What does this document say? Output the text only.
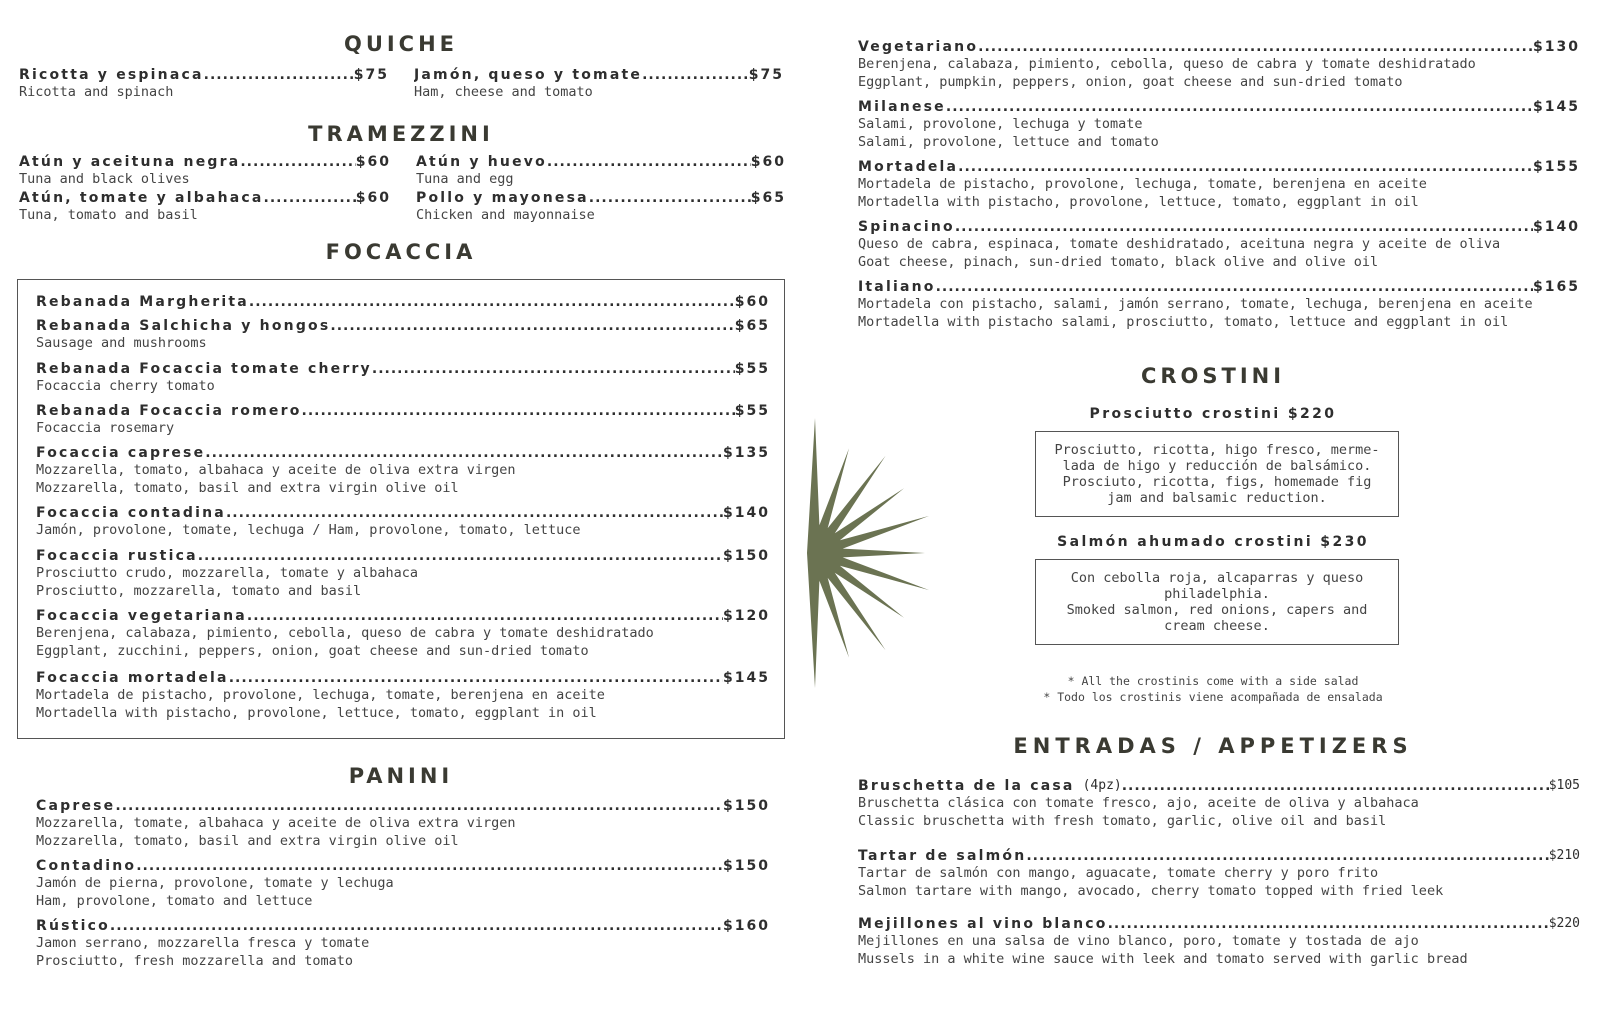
QUICHE
Ricotta y espinaca .....	$75
Ricotta and spinach
Jamón, queso y tomate .....	$75
Ham, cheese and tomato
TRAMEZZINI
Atún y aceituna negra .....	$60
Tuna and black olives
Atún y huevo .....	$60
Tuna and egg
Atún, tomate y albahaca .....	$60
Tuna, tomato and basil
Pollo y mayonesa .....	$65
Chicken and mayonnaise
FOCACCIA
PANINI
CROSTINI
Prosciutto crostini $220
Prosciutto, ricotta, higo fresco, merme-
lada de higo y reducción de balsámico.
Prosciuto, ricotta, figs, homemade fig
jam and balsamic reduction.
Salmón ahumado crostini $230
Con cebolla roja, alcaparras y queso
philadelphia.
Smoked salmon, red onions, capers and
cream cheese.
* All the crostinis come with a side salad
* Todo los crostinis viene acompañada de ensalada
ENTRADAS / APPETIZERS
Rebanada Margherita .....	$60
Rebanada Salchicha y hongos .....	$65
Sausage and mushrooms
Rebanada Focaccia tomate cherry .....	$55
Focaccia cherry tomato
Rebanada Focaccia romero .....	$55
Focaccia rosemary
Focaccia caprese .....	$135
Mozzarella, tomato, albahaca y aceite de oliva extra virgen
Mozzarella, tomato, basil and extra virgin olive oil
Focaccia contadina .....	$140
Jamón, provolone, tomate, lechuga / Ham, provolone, tomato, lettuce
Focaccia rustica .....	$150
Prosciutto crudo, mozzarella, tomate y albahaca
Prosciutto, mozzarella, tomato and basil
Focaccia vegetariana .....	$120
Berenjena, calabaza, pimiento, cebolla, queso de cabra y tomate deshidratado
Eggplant, zucchini, peppers, onion, goat cheese and sun-dried tomato
Focaccia mortadela .....	$145
Mortadela de pistacho, provolone, lechuga, tomate, berenjena en aceite
Mortadella with pistacho, provolone, lettuce, tomato, eggplant in oil
Caprese .....	$150
Mozzarella, tomate, albahaca y aceite de oliva extra virgen
Mozzarella, tomato, basil and extra virgin olive oil
Contadino .....	$150
Jamón de pierna, provolone, tomate y lechuga
Ham, provolone, tomato and lettuce
Rústico .....	$160
Jamon serrano, mozzarella fresca y tomate
Prosciutto, fresh mozzarella and tomato
Vegetariano .....	$130
Berenjena, calabaza, pimiento, cebolla, queso de cabra y tomate deshidratado
Eggplant, pumpkin, peppers, onion, goat cheese and sun-dried tomato
Milanese .....	$145
Salami, provolone, lechuga y tomate
Salami, provolone, lettuce and tomato
Mortadela .....	$155
Mortadela de pistacho, provolone, lechuga, tomate, berenjena en aceite
Mortadella with pistacho, provolone, lettuce, tomato, eggplant in oil
Spinacino .....	$140
Queso de cabra, espinaca, tomate deshidratado, aceituna negra y aceite de oliva
Goat cheese, pinach, sun-dried tomato, black olive and olive oil
Italiano .....	$165
Mortadela con pistacho, salami, jamón serrano, tomate, lechuga, berenjena en aceite
Mortadella with pistacho salami, prosciutto, tomato, lettuce and eggplant in oil
Bruschetta de la casa (4pz) .....	$105
Bruschetta clásica con tomate fresco, ajo, aceite de oliva y albahaca
Classic bruschetta with fresh tomato, garlic, olive oil and basil
Tartar de salmón .....	$210
Tartar de salmón con mango, aguacate, tomate cherry y poro frito
Salmon tartare with mango, avocado, cherry tomato topped with fried leek
Mejillones al vino blanco .....	$220
Mejillones en una salsa de vino blanco, poro, tomate y tostada de ajo
Mussels in a white wine sauce with leek and tomato served with garlic bread
